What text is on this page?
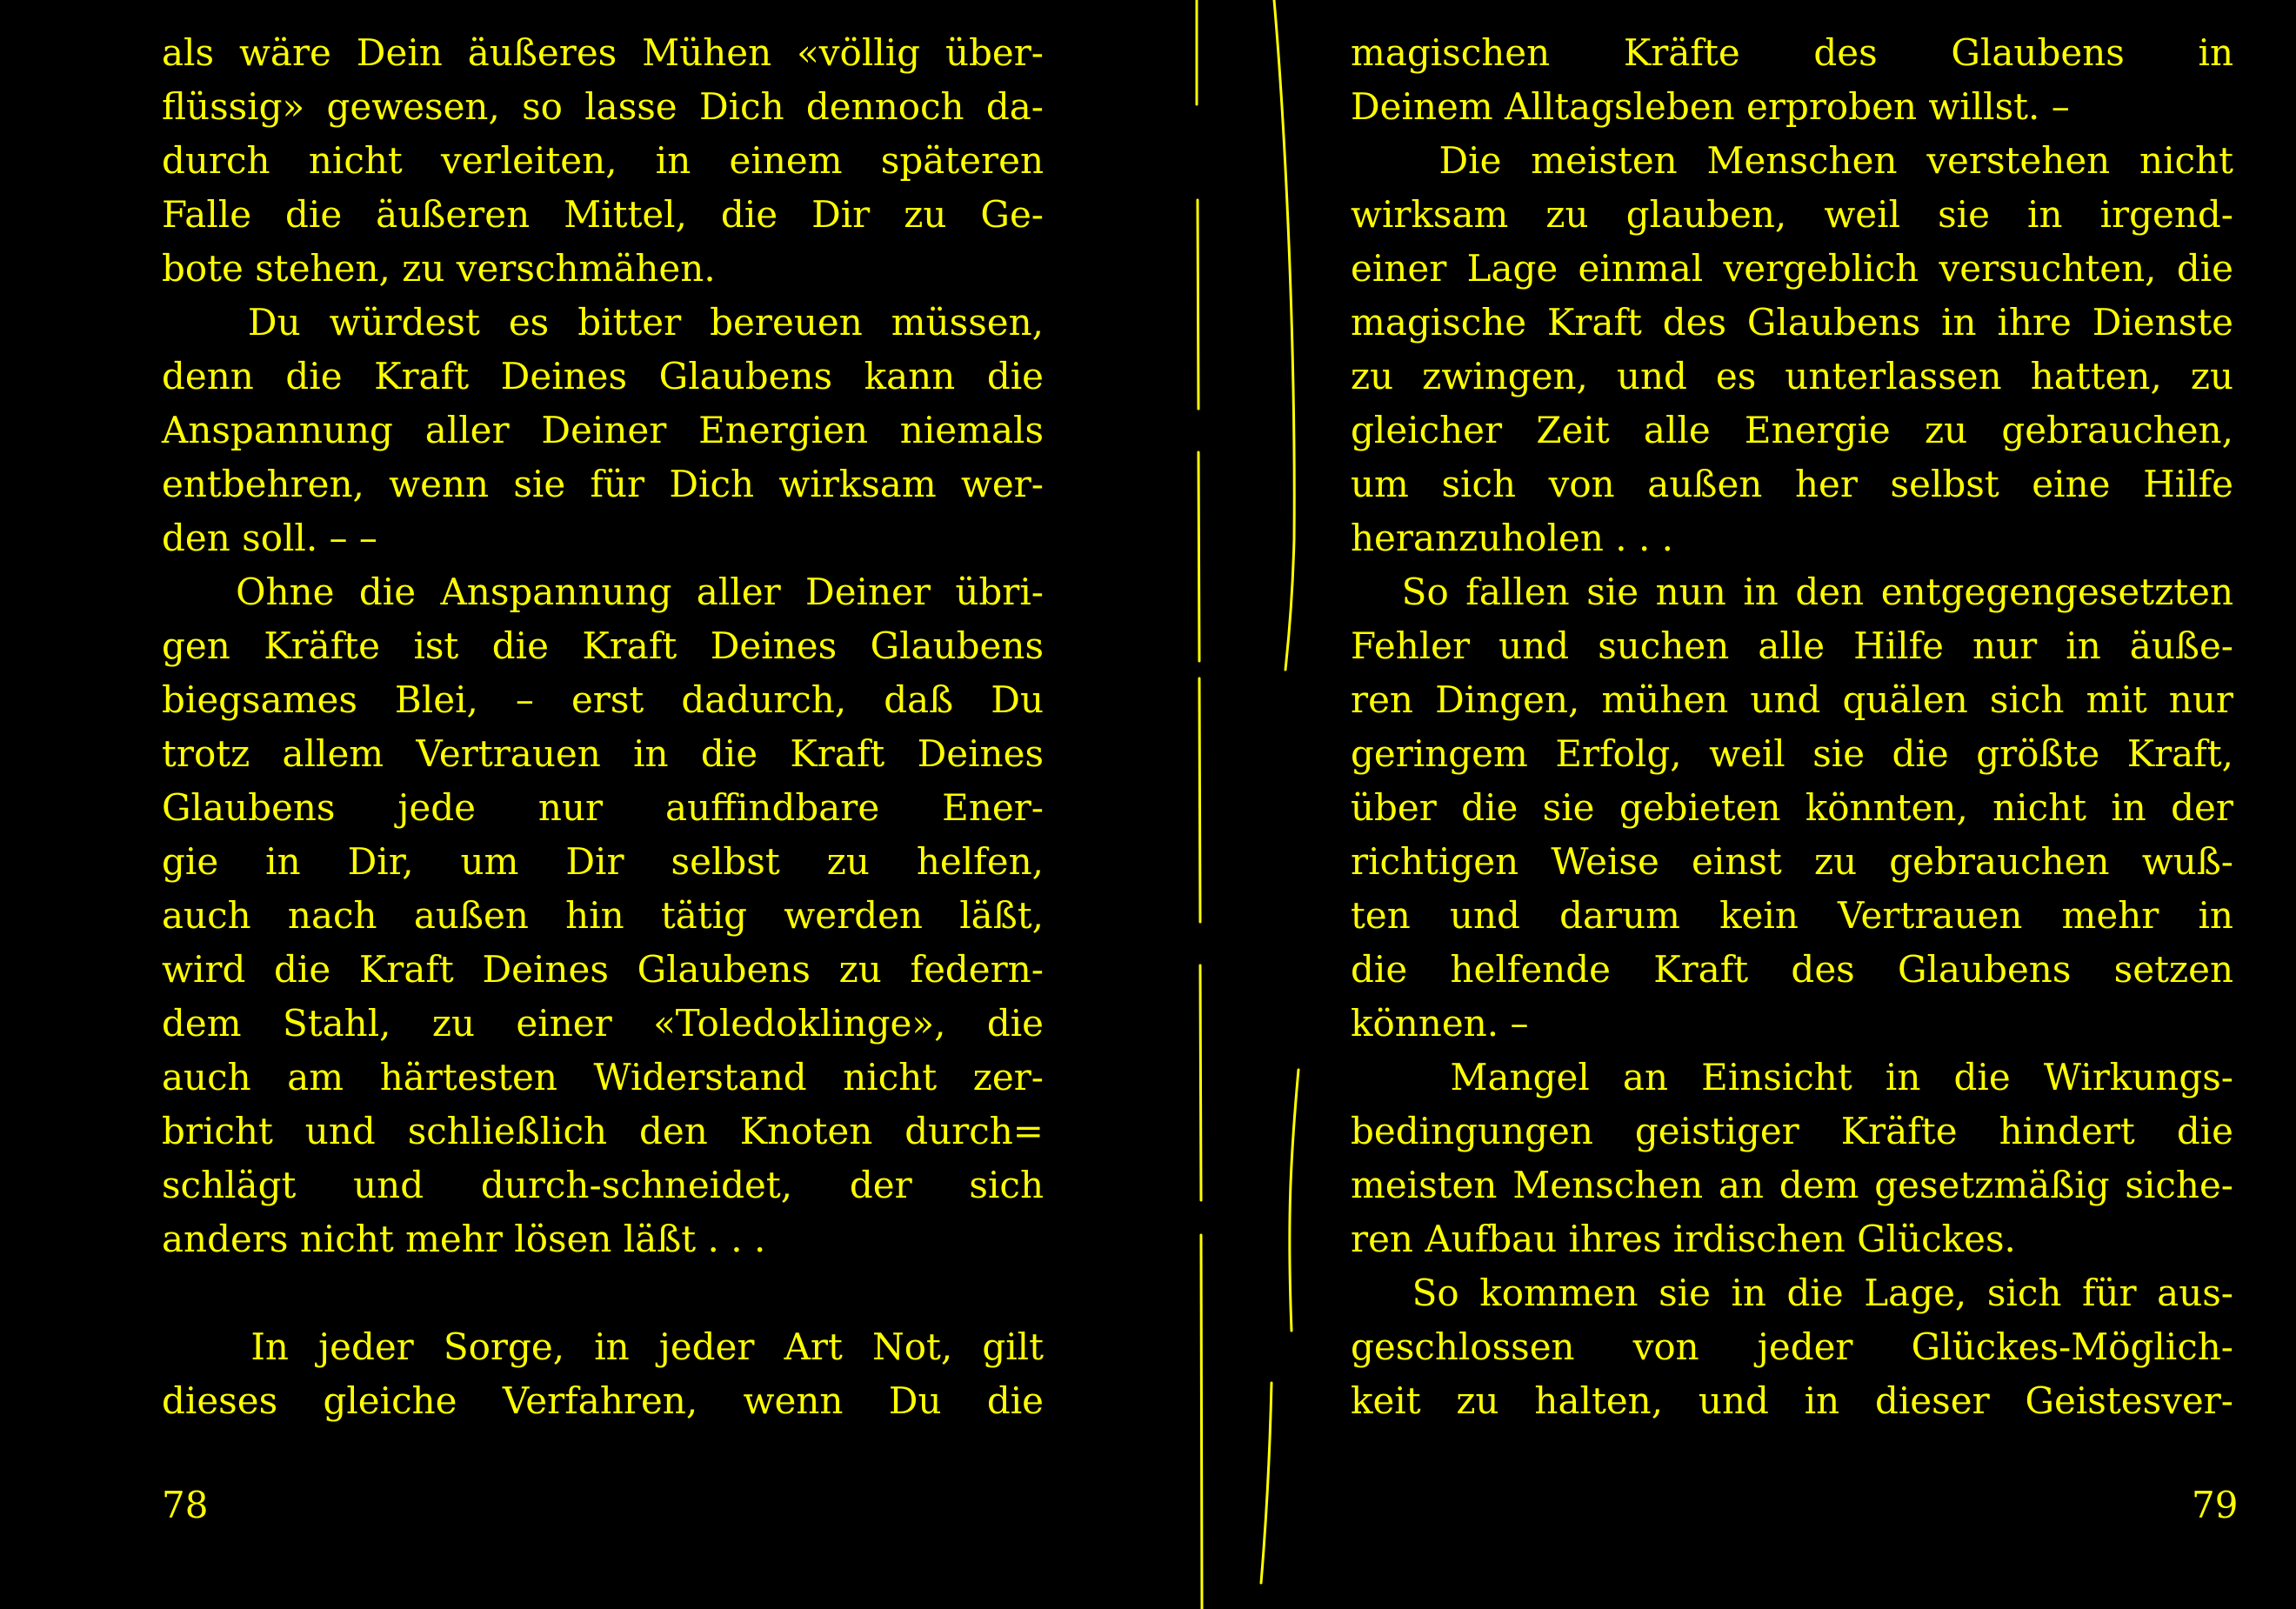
als wäre Dein äußeres Mühen «völlig über-
flüssig» gewesen, so lasse Dich dennoch da-
durch nicht verleiten, in einem späteren
Falle die äußeren Mittel, die Dir zu Ge-
bote stehen, zu verschmähen.
Du würdest es bitter bereuen müssen,
denn die Kraft Deines Glaubens kann die
Anspannung aller Deiner Energien niemals
entbehren, wenn sie für Dich wirksam wer-
den soll. – –
Ohne die Anspannung aller Deiner übri-
gen Kräfte ist die Kraft Deines Glaubens
biegsames Blei, – erst dadurch, daß Du
trotz allem Vertrauen in die Kraft Deines
Glaubens jede nur auffindbare Ener-
gie in Dir, um Dir selbst zu helfen,
auch nach außen hin tätig werden läßt,
wird die Kraft Deines Glaubens zu federn-
dem Stahl, zu einer «Toledoklinge», die
auch am härtesten Widerstand nicht zer-
bricht und schließlich den Knoten durch=
schlägt und durch-schneidet, der sich
anders nicht mehr lösen läßt . . .
In jeder Sorge, in jeder Art Not, gilt
dieses gleiche Verfahren, wenn Du die
78
magischen Kräfte des Glaubens in
Deinem Alltagsleben erproben willst. –
Die meisten Menschen verstehen nicht
wirksam zu glauben, weil sie in irgend-
einer Lage einmal vergeblich versuchten, die
magische Kraft des Glaubens in ihre Dienste
zu zwingen, und es unterlassen hatten, zu
gleicher Zeit alle Energie zu gebrauchen,
um sich von außen her selbst eine Hilfe
heranzuholen . . .
So fallen sie nun in den entgegengesetzten
Fehler und suchen alle Hilfe nur in äuße-
ren Dingen, mühen und quälen sich mit nur
geringem Erfolg, weil sie die größte Kraft,
über die sie gebieten könnten, nicht in der
richtigen Weise einst zu gebrauchen wuß-
ten und darum kein Vertrauen mehr in
die helfende Kraft des Glaubens setzen
können. –
Mangel an Einsicht in die Wirkungs-
bedingungen geistiger Kräfte hindert die
meisten Menschen an dem gesetzmäßig siche-
ren Aufbau ihres irdischen Glückes.
So kommen sie in die Lage, sich für aus-
geschlossen von jeder Glückes-Möglich-
keit zu halten, und in dieser Geistesver-
79
